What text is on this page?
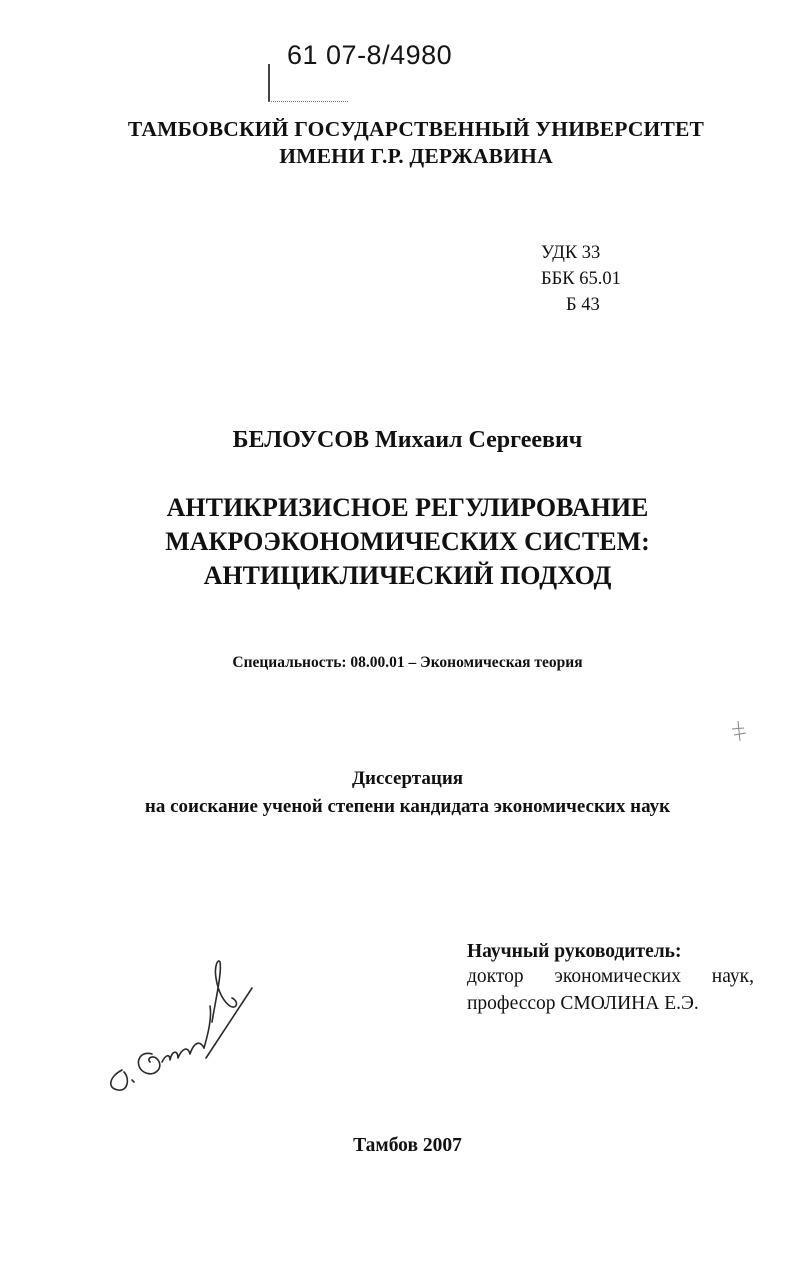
61 07-8/4980
ТАМБОВСКИЙ ГОСУДАРСТВЕННЫЙ УНИВЕРСИТЕТ
ИМЕНИ Г.Р. ДЕРЖАВИНА
УДК 33
ББК 65.01
Б 43
БЕЛОУСОВ Михаил Сергеевич
АНТИКРИЗИСНОЕ РЕГУЛИРОВАНИЕ
МАКРОЭКОНОМИЧЕСКИХ СИСТЕМ:
АНТИЦИКЛИЧЕСКИЙ ПОДХОД
Специальность: 08.00.01 – Экономическая теория
Диссертация
на соискание ученой степени кандидата экономических наук
Научный руководитель:
доктор экономических наук,
профессор СМОЛИНА Е.Э.
Тамбов 2007
